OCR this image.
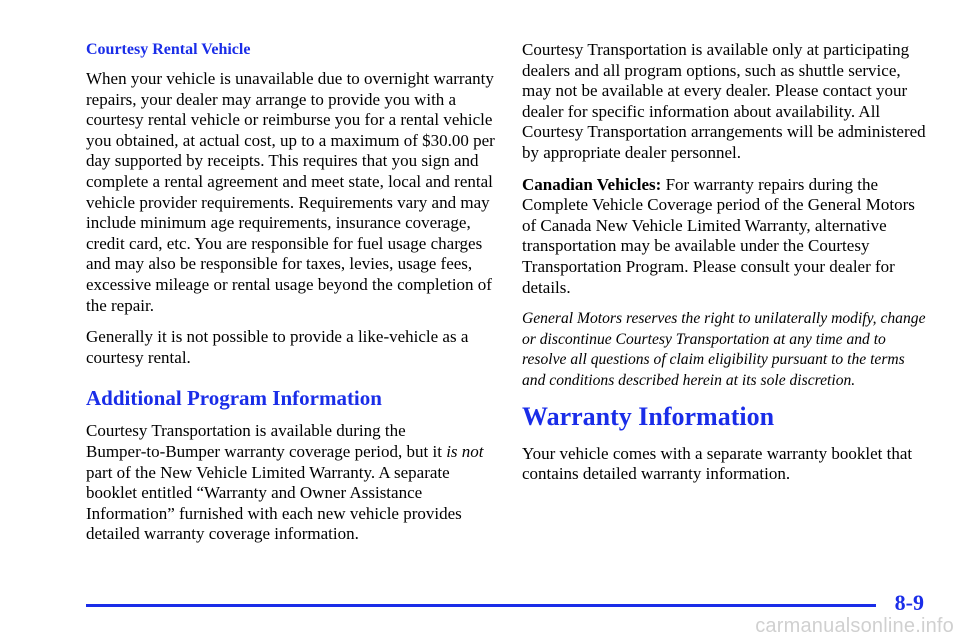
Courtesy Rental Vehicle

When your vehicle is unavailable due to overnight warranty repairs, your dealer may arrange to provide you with a courtesy rental vehicle or reimburse you for a rental vehicle you obtained, at actual cost, up to a maximum of $30.00 per day supported by receipts. This requires that you sign and complete a rental agreement and meet state, local and rental vehicle provider requirements. Requirements vary and may include minimum age requirements, insurance coverage, credit card, etc. You are responsible for fuel usage charges and may also be responsible for taxes, levies, usage fees, excessive mileage or rental usage beyond the completion of the repair.

Generally it is not possible to provide a like‑vehicle as a courtesy rental.

Additional Program Information

Courtesy Transportation is available during the Bumper‑to‑Bumper warranty coverage period, but it is not part of the New Vehicle Limited Warranty. A separate booklet entitled “Warranty and Owner Assistance Information” furnished with each new vehicle provides detailed warranty coverage information.

Courtesy Transportation is available only at participating dealers and all program options, such as shuttle service, may not be available at every dealer. Please contact your dealer for specific information about availability. All Courtesy Transportation arrangements will be administered by appropriate dealer personnel.

Canadian Vehicles: For warranty repairs during the Complete Vehicle Coverage period of the General Motors of Canada New Vehicle Limited Warranty, alternative transportation may be available under the Courtesy Transportation Program. Please consult your dealer for details.

General Motors reserves the right to unilaterally modify, change or discontinue Courtesy Transportation at any time and to resolve all questions of claim eligibility pursuant to the terms and conditions described herein at its sole discretion.

Warranty Information

Your vehicle comes with a separate warranty booklet that contains detailed warranty information.

8-9
carmanualsonline.info
